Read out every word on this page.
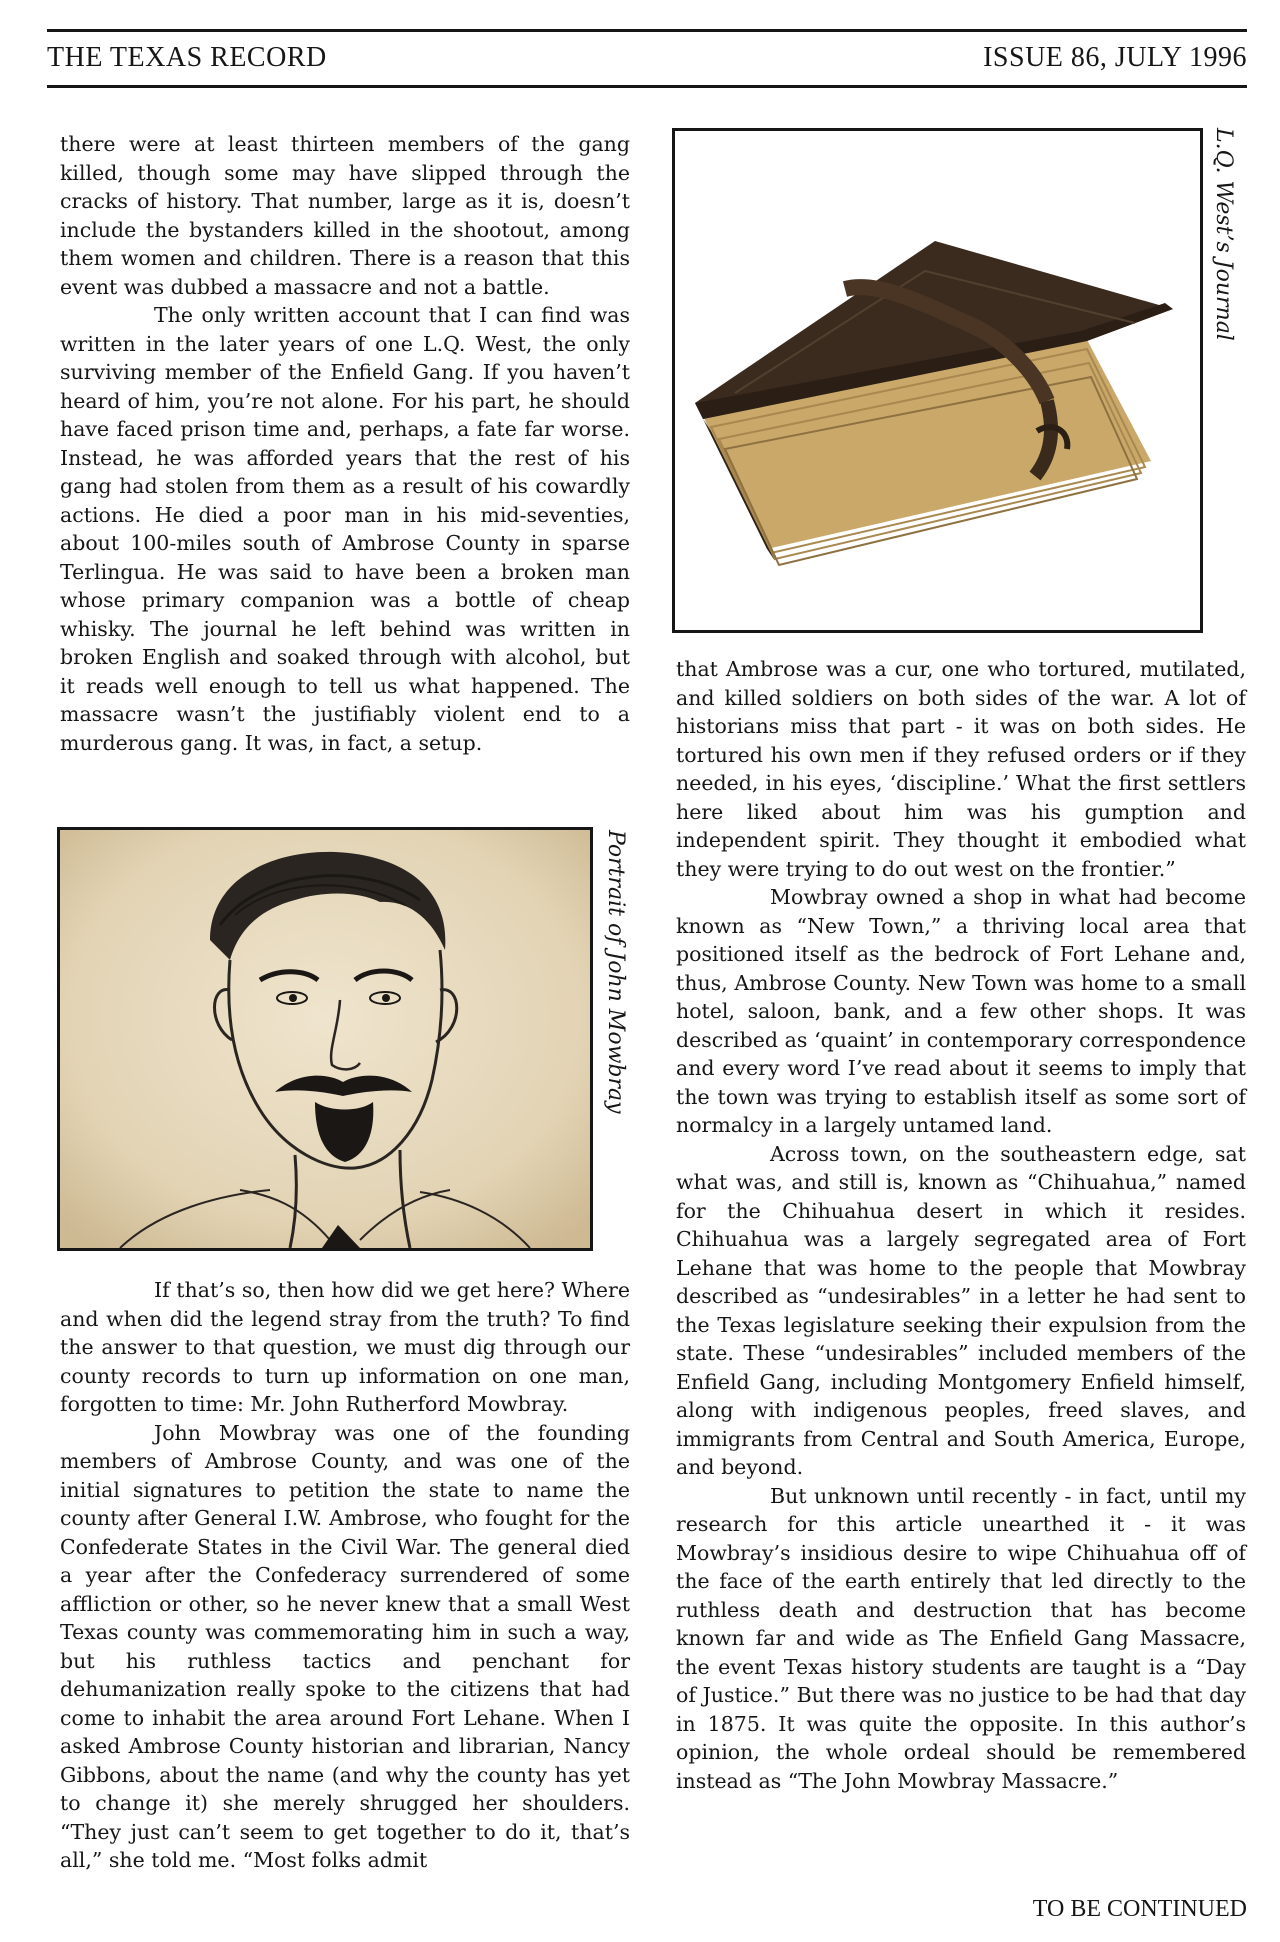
THE TEXAS RECORD	ISSUE 86, JULY 1996

there were at least thirteen members of the gang killed, though some may have slipped through the cracks of history. That number, large as it is, doesn’t include the bystanders killed in the shootout, among them women and children. There is a reason that this event was dubbed a massacre and not a battle.

The only written account that I can find was written in the later years of one L.Q. West, the only surviving member of the Enfield Gang. If you haven’t heard of him, you’re not alone. For his part, he should have faced prison time and, perhaps, a fate far worse. Instead, he was afforded years that the rest of his gang had stolen from them as a result of his cowardly actions. He died a poor man in his mid-seventies, about 100-miles south of Ambrose County in sparse Terlingua. He was said to have been a broken man whose primary companion was a bottle of cheap whisky. The journal he left behind was written in broken English and soaked through with alcohol, but it reads well enough to tell us what happened. The massacre wasn’t the justifiably violent end to a murderous gang. It was, in fact, a setup.

Portrait of John Mowbray

If that’s so, then how did we get here? Where and when did the legend stray from the truth? To find the answer to that question, we must dig through our county records to turn up information on one man, forgotten to time: Mr. John Rutherford Mowbray.

John Mowbray was one of the founding members of Ambrose County, and was one of the initial signatures to petition the state to name the county after General I.W. Ambrose, who fought for the Confederate States in the Civil War. The general died a year after the Confederacy surrendered of some affliction or other, so he never knew that a small West Texas county was commemorating him in such a way, but his ruthless tactics and penchant for dehumanization really spoke to the citizens that had come to inhabit the area around Fort Lehane. When I asked Ambrose County historian and librarian, Nancy Gibbons, about the name (and why the county has yet to change it) she merely shrugged her shoulders. “They just can’t seem to get together to do it, that’s all,” she told me. “Most folks admit

L.Q. West’s Journal

that Ambrose was a cur, one who tortured, mutilated, and killed soldiers on both sides of the war. A lot of historians miss that part - it was on both sides. He tortured his own men if they refused orders or if they needed, in his eyes, ‘discipline.’ What the first settlers here liked about him was his gumption and independent spirit. They thought it embodied what they were trying to do out west on the frontier.”

Mowbray owned a shop in what had become known as “New Town,” a thriving local area that positioned itself as the bedrock of Fort Lehane and, thus, Ambrose County. New Town was home to a small hotel, saloon, bank, and a few other shops. It was described as ‘quaint’ in contemporary correspondence and every word I’ve read about it seems to imply that the town was trying to establish itself as some sort of normalcy in a largely untamed land.

Across town, on the southeastern edge, sat what was, and still is, known as “Chihuahua,” named for the Chihuahua desert in which it resides. Chihuahua was a largely segregated area of Fort Lehane that was home to the people that Mowbray described as “undesirables” in a letter he had sent to the Texas legislature seeking their expulsion from the state. These “undesirables” included members of the Enfield Gang, including Montgomery Enfield himself, along with indigenous peoples, freed slaves, and immigrants from Central and South America, Europe, and beyond.

But unknown until recently - in fact, until my research for this article unearthed it - it was Mowbray’s insidious desire to wipe Chihuahua off of the face of the earth entirely that led directly to the ruthless death and destruction that has become known far and wide as The Enfield Gang Massacre, the event Texas history students are taught is a “Day of Justice.” But there was no justice to be had that day in 1875. It was quite the opposite. In this author’s opinion, the whole ordeal should be remembered instead as “The John Mowbray Massacre.”

TO BE CONTINUED
